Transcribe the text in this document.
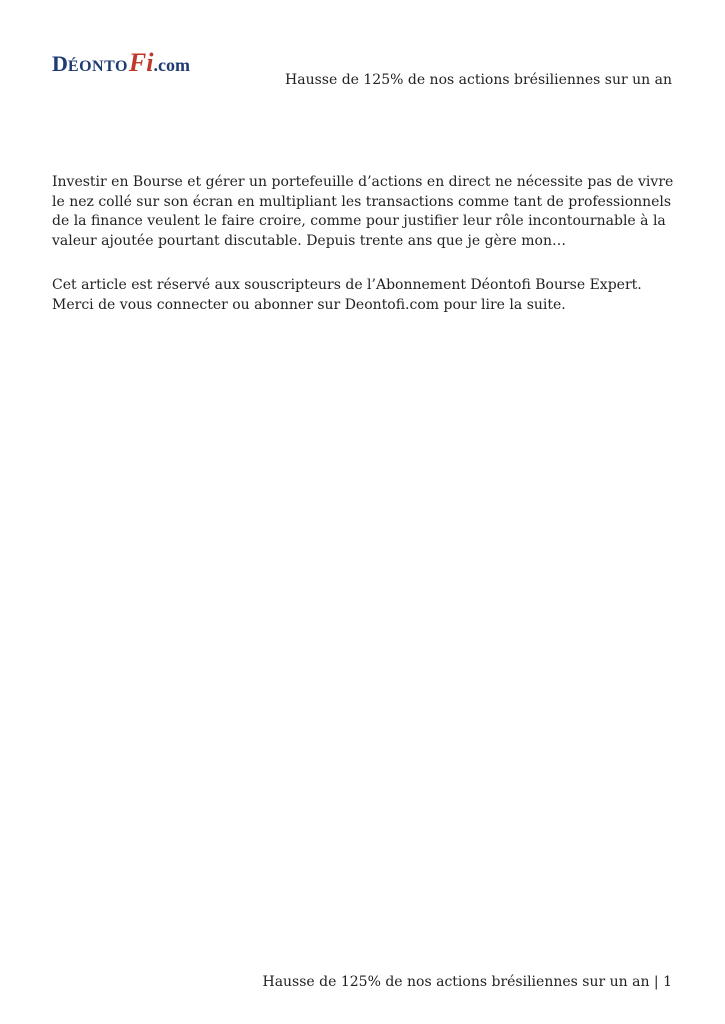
DÉONTOFi.com
Hausse de 125% de nos actions brésiliennes sur un an

Investir en Bourse et gérer un portefeuille d’actions en direct ne nécessite pas de vivre le nez collé sur son écran en multipliant les transactions comme tant de professionnels de la finance veulent le faire croire, comme pour justifier leur rôle incontournable à la valeur ajoutée pourtant discutable. Depuis trente ans que je gère mon…

Cet article est réservé aux souscripteurs de l’Abonnement Déontofi Bourse Expert. Merci de vous connecter ou abonner sur Deontofi.com pour lire la suite.

Hausse de 125% de nos actions brésiliennes sur un an | 1
